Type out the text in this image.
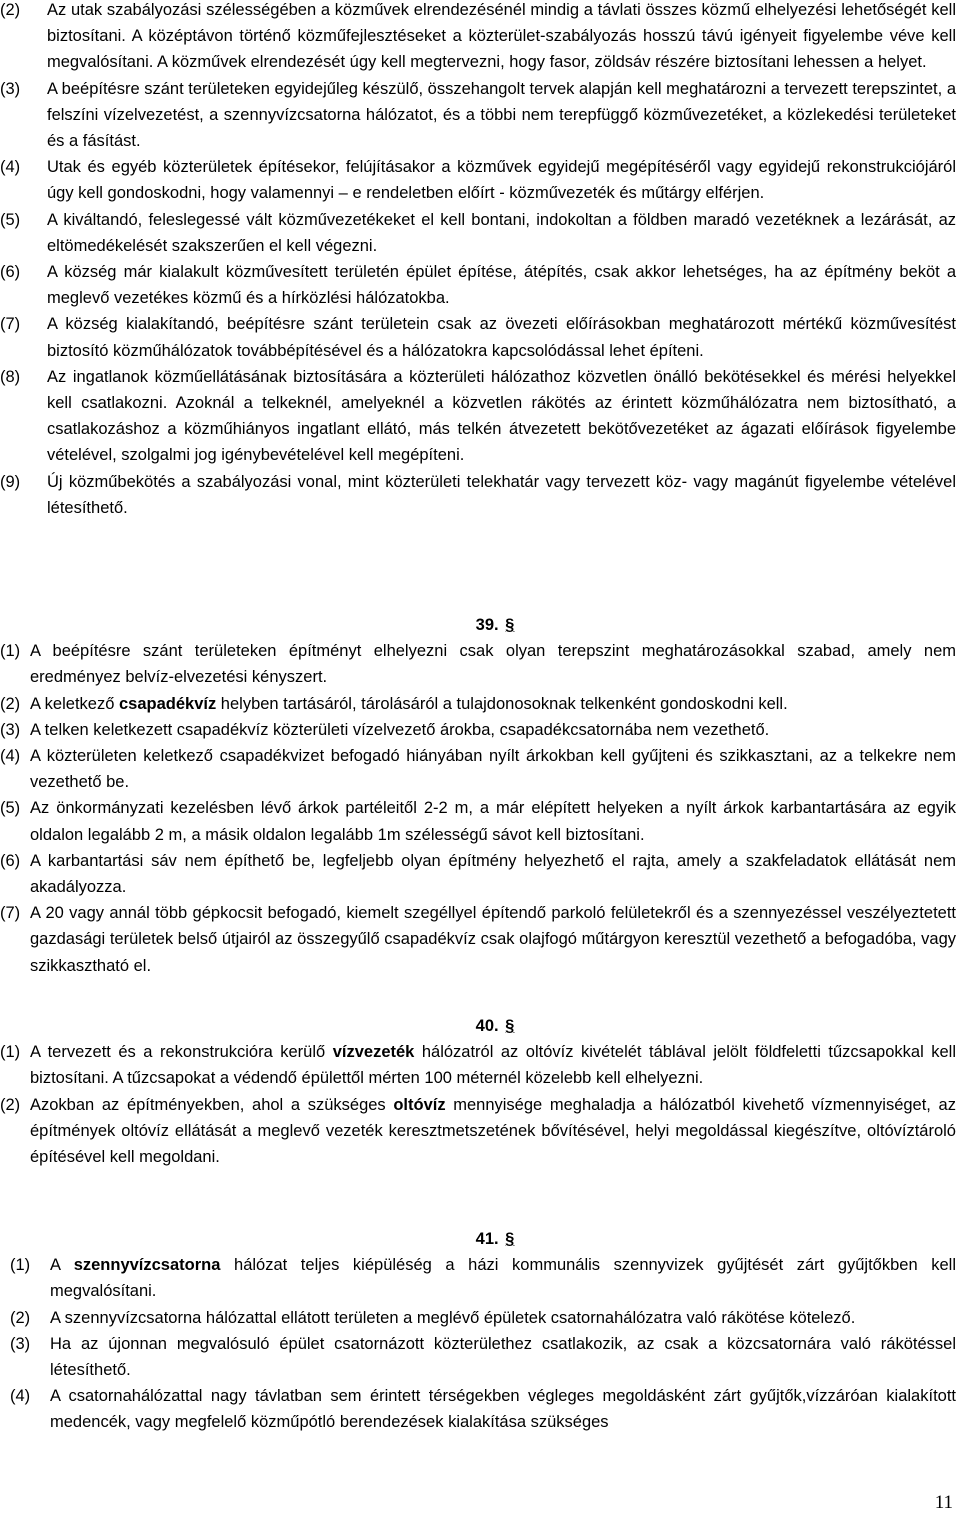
(2) Az utak szabályozási szélességében a közművek elrendezésénél mindig a távlati összes közmű elhelyezési lehetőségét kell biztosítani. A középtávon történő közműfejlesztéseket a közterület-szabályozás hosszú távú igényeit figyelembe véve kell megvalósítani. A közművek elrendezését úgy kell megtervezni, hogy fasor, zöldsáv részére biztosítani lehessen a helyet.
(3) A beépítésre szánt területeken egyidejűleg készülő, összehangolt tervek alapján kell meghatározni a tervezett terepszintet, a felszíni vízelvezetést, a szennyvízcsatorna hálózatot, és a többi nem terepfüggő közművezetéket, a közlekedési területeket és a fásítást.
(4) Utak és egyéb közterületek építésekor, felújításakor a közművek egyidejű megépítéséről vagy egyidejű rekonstrukciójáról úgy kell gondoskodni, hogy valamennyi – e rendeletben előírt - közművezeték és műtárgy elférjen.
(5) A kiváltandó, feleslegessé vált közművezetékeket el kell bontani, indokoltan a földben maradó vezetéknek a lezárását, az eltömedékelését szakszerűen el kell végezni.
(6) A község már kialakult közművesített területén épület építése, átépítés, csak akkor lehetséges, ha az építmény beköt a meglevő vezetékes közmű és a hírközlési hálózatokba.
(7) A község kialakítandó, beépítésre szánt területein csak az övezeti előírásokban meghatározott mértékű közművesítést biztosító közműhálózatok továbbépítésével és a hálózatokra kapcsolódással lehet építeni.
(8) Az ingatlanok közműellátásának biztosítására a közterületi hálózathoz közvetlen önálló bekötésekkel és mérési helyekkel kell csatlakozni. Azoknál a telkeknél, amelyeknél a közvetlen rákötés az érintett közműhálózatra nem biztosítható, a csatlakozáshoz a közműhiányos ingatlant ellátó, más telkén átvezetett bekötővezetéket az ágazati előírások figyelembe vételével, szolgalmi jog igénybevételével kell megépíteni.
(9) Új közműbekötés a szabályozási vonal, mint közterületi telekhatár vagy tervezett köz- vagy magánút figyelembe vételével létesíthető.
39. §
(1) A beépítésre szánt területeken építményt elhelyezni csak olyan terepszint meghatározásokkal szabad, amely nem eredményez belvíz-elvezetési kényszert.
(2) A keletkező csapadékvíz helyben tartásáról, tárolásáról a tulajdonosoknak telkenként gondoskodni kell.
(3) A telken keletkezett csapadékvíz közterületi vízelvezető árokba, csapadékcsatornába nem vezethető.
(4) A közterületen keletkező csapadékvizet befogadó hiányában nyílt árkokban kell gyűjteni és szikkasztani, az a telkekre nem vezethető be.
(5) Az önkormányzati kezelésben lévő árkok partéleitől 2-2 m, a már elépített helyeken a nyílt árkok karbantartására az egyik oldalon legalább 2 m, a másik oldalon legalább 1m szélességű sávot kell biztosítani.
(6) A karbantartási sáv nem építhető be, legfeljebb olyan építmény helyezhető el rajta, amely a szakfeladatok ellátását nem akadályozza.
(7) A 20 vagy annál több gépkocsit befogadó, kiemelt szegéllyel építendő parkoló felületekről és a szennyezéssel veszélyeztetett gazdasági területek belső útjairól az összegyűlő csapadékvíz csak olajfogó műtárgyon keresztül vezethető a befogadóba, vagy szikkasztható el.
40. §
(1) A tervezett és a rekonstrukcióra kerülő vízvezeték hálózatról az oltóvíz kivételét táblával jelölt földfeletti tűzcsapokkal kell biztosítani. A tűzcsapokat a védendő épülettől mérten 100 méternél közelebb kell elhelyezni.
(2) Azokban az építményekben, ahol a szükséges oltóvíz mennyisége meghaladja a hálózatból kivehető vízmennyiséget, az építmények oltóvíz ellátását a meglevő vezeték keresztmetszetének bővítésével, helyi megoldással kiegészítve, oltóvíztároló építésével kell megoldani.
41. §
(1) A szennyvízcsatorna hálózat teljes kiépüléség a házi kommunális szennyvizek gyűjtését zárt gyűjtőkben kell megvalósítani.
(2) A szennyvízcsatorna hálózattal ellátott területen a meglévő épületek csatornahálózatra való rákötése kötelező.
(3) Ha az újonnan megvalósuló épület csatornázott közterülethez csatlakozik, az csak a közcsatornára való rákötéssel létesíthető.
(4) A csatornahálózattal nagy távlatban sem érintett térségekben végleges megoldásként zárt gyűjtők,vízzáróan kialakított medencék, vagy megfelelő közműpótló berendezések kialakítása szükséges
11
